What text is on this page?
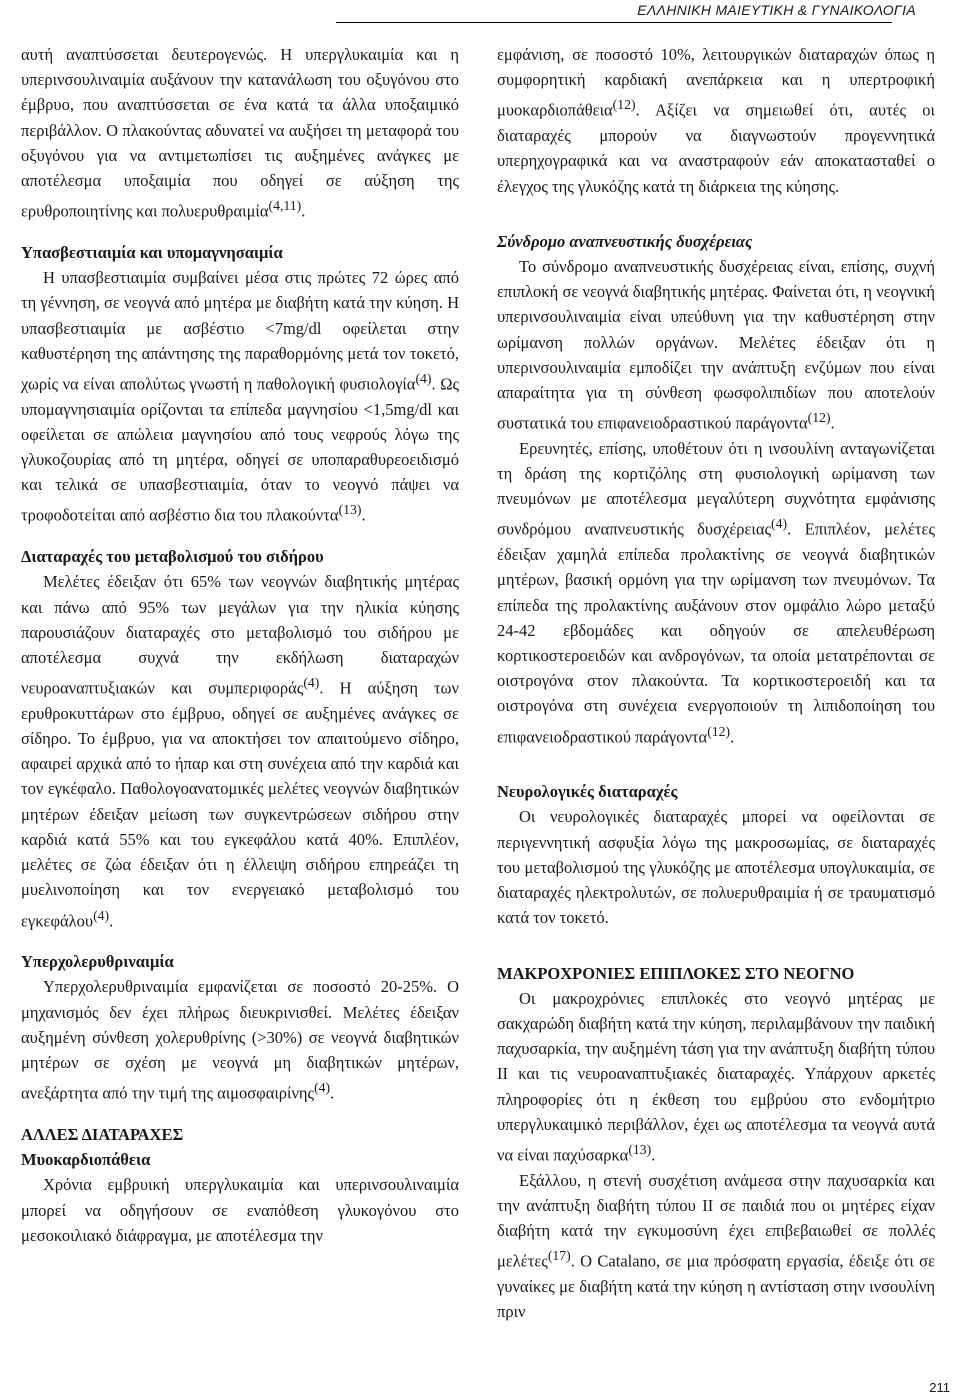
ΕΛΛΗΝΙΚΗ ΜΑΙΕΥΤΙΚΗ & ΓΥΝΑΙΚΟΛΟΓΙΑ

αυτή αναπτύσσεται δευτερογενώς. Η υπεργλυκαιμία και η υπερινσουλιναιμία αυξάνουν την κατανάλωση του οξυγόνου στο έμβρυο, που αναπτύσσεται σε ένα κατά τα άλλα υποξαιμικό περιβάλλον. Ο πλακούντας αδυνατεί να αυξήσει τη μεταφορά του οξυγόνου για να αντιμετωπίσει τις αυξημένες ανάγκες με αποτέλεσμα υποξαιμία που οδηγεί σε αύξηση της ερυθροποιητίνης και πολυερυθραιμία$^{(4,11)}$.

Υπασβεστιαιμία και υπομαγνησαιμία

Η υπασβεστιαιμία συμβαίνει μέσα στις πρώτες 72 ώρες από τη γέννηση, σε νεογνά από μητέρα με διαβήτη κατά την κύηση. Η υπασβεστιαιμία με ασβέστιο <7mg/dl οφείλεται στην καθυστέρηση της απάντησης της παραθορμόνης μετά τον τοκετό, χωρίς να είναι απολύτως γνωστή η παθολογική φυσιολογία$^{(4)}$. Ως υπομαγνησιαιμία ορίζονται τα επίπεδα μαγνησίου <1,5mg/dl και οφείλεται σε απώλεια μαγνησίου από τους νεφρούς λόγω της γλυκοζουρίας από τη μητέρα, οδηγεί σε υποπαραθυρεοειδισμό και τελικά σε υπασβεστιαιμία, όταν το νεογνό πάψει να τροφοδοτείται από ασβέστιο δια του πλακούντα$^{(13)}$.

Διαταραχές του μεταβολισμού του σιδήρου

Μελέτες έδειξαν ότι 65% των νεογνών διαβητικής μητέρας και πάνω από 95% των μεγάλων για την ηλικία κύησης παρουσιάζουν διαταραχές στο μεταβολισμό του σιδήρου με αποτέλεσμα συχνά την εκδήλωση διαταραχών νευροαναπτυξιακών και συμπεριφοράς$^{(4)}$. Η αύξηση των ερυθροκυττάρων στο έμβρυο, οδηγεί σε αυξημένες ανάγκες σε σίδηρο. Το έμβρυο, για να αποκτήσει τον απαιτούμενο σίδηρο, αφαιρεί αρχικά από το ήπαρ και στη συνέχεια από την καρδιά και τον εγκέφαλο. Παθολογοανατομικές μελέτες νεογνών διαβητικών μητέρων έδειξαν μείωση των συγκεντρώσεων σιδήρου στην καρδιά κατά 55% και του εγκεφάλου κατά 40%. Επιπλέον, μελέτες σε ζώα έδειξαν ότι η έλλειψη σιδήρου επηρεάζει τη μυελινοποίηση και τον ενεργειακό μεταβολισμό του εγκεφάλου$^{(4)}$.

Υπερχολερυθριναιμία

Υπερχολερυθριναιμία εμφανίζεται σε ποσοστό 20-25%. Ο μηχανισμός δεν έχει πλήρως διευκρινισθεί. Μελέτες έδειξαν αυξημένη σύνθεση χολερυθρίνης (>30%) σε νεογνά διαβητικών μητέρων σε σχέση με νεογνά μη διαβητικών μητέρων, ανεξάρτητα από την τιμή της αιμοσφαιρίνης$^{(4)}$.

ΑΛΛΕΣ ΔΙΑΤΑΡΑΧΕΣ
Μυοκαρδιοπάθεια

Χρόνια εμβρυική υπεργλυκαιμία και υπερινσουλιναιμία μπορεί να οδηγήσουν σε εναπόθεση γλυκογόνου στο μεσοκοιλιακό διάφραγμα, με αποτέλεσμα την

εμφάνιση, σε ποσοστό 10%, λειτουργικών διαταραχών όπως η συμφορητική καρδιακή ανεπάρκεια και η υπερτροφική μυοκαρδιοπάθεια$^{(12)}$. Αξίζει να σημειωθεί ότι, αυτές οι διαταραχές μπορούν να διαγνωστούν προγεννητικά υπερηχογραφικά και να αναστραφούν εάν αποκατασταθεί ο έλεγχος της γλυκόζης κατά τη διάρκεια της κύησης.

Σύνδρομο αναπνευστικής δυσχέρειας

Το σύνδρομο αναπνευστικής δυσχέρειας είναι, επίσης, συχνή επιπλοκή σε νεογνά διαβητικής μητέρας. Φαίνεται ότι, η νεογνική υπερινσουλιναιμία είναι υπεύθυνη για την καθυστέρηση στην ωρίμανση πολλών οργάνων. Μελέτες έδειξαν ότι η υπερινσουλιναιμία εμποδίζει την ανάπτυξη ενζύμων που είναι απαραίτητα για τη σύνθεση φωσφολιπιδίων που αποτελούν συστατικά του επιφανειοδραστικού παράγοντα$^{(12)}$.

Ερευνητές, επίσης, υποθέτουν ότι η ινσουλίνη ανταγωνίζεται τη δράση της κορτιζόλης στη φυσιολογική ωρίμανση των πνευμόνων με αποτέλεσμα μεγαλύτερη συχνότητα εμφάνισης συνδρόμου αναπνευστικής δυσχέρειας$^{(4)}$. Επιπλέον, μελέτες έδειξαν χαμηλά επίπεδα προλακτίνης σε νεογνά διαβητικών μητέρων, βασική ορμόνη για την ωρίμανση των πνευμόνων. Τα επίπεδα της προλακτίνης αυξάνουν στον ομφάλιο λώρο μεταξύ 24-42 εβδομάδες και οδηγούν σε απελευθέρωση κορτικοστεροειδών και ανδρογόνων, τα οποία μετατρέπονται σε οιστρογόνα στον πλακούντα. Τα κορτικοστεροειδή και τα οιστρογόνα στη συνέχεια ενεργοποιούν τη λιπιδοποίηση του επιφανειοδραστικού παράγοντα$^{(12)}$.

Νευρολογικές διαταραχές

Οι νευρολογικές διαταραχές μπορεί να οφείλονται σε περιγεννητική ασφυξία λόγω της μακροσωμίας, σε διαταραχές του μεταβολισμού της γλυκόζης με αποτέλεσμα υπογλυκαιμία, σε διαταραχές ηλεκτρολυτών, σε πολυερυθραιμία ή σε τραυματισμό κατά τον τοκετό.

ΜΑΚΡΟΧΡΟΝΙΕΣ ΕΠΙΠΛΟΚΕΣ ΣΤΟ ΝΕΟΓΝΟ

Οι μακροχρόνιες επιπλοκές στο νεογνό μητέρας με σακχαρώδη διαβήτη κατά την κύηση, περιλαμβάνουν την παιδική παχυσαρκία, την αυξημένη τάση για την ανάπτυξη διαβήτη τύπου ΙΙ και τις νευροαναπτυξιακές διαταραχές. Υπάρχουν αρκετές πληροφορίες ότι η έκθεση του εμβρύου στο ενδομήτριο υπεργλυκαιμικό περιβάλλον, έχει ως αποτέλεσμα τα νεογνά αυτά να είναι παχύσαρκα$^{(13)}$.

Εξάλλου, η στενή συσχέτιση ανάμεσα στην παχυσαρκία και την ανάπτυξη διαβήτη τύπου ΙΙ σε παιδιά που οι μητέρες είχαν διαβήτη κατά την εγκυμοσύνη έχει επιβεβαιωθεί σε πολλές μελέτες$^{(17)}$. Ο Catalano, σε μια πρόσφατη εργασία, έδειξε ότι σε γυναίκες με διαβήτη κατά την κύηση η αντίσταση στην ινσουλίνη πριν

211
